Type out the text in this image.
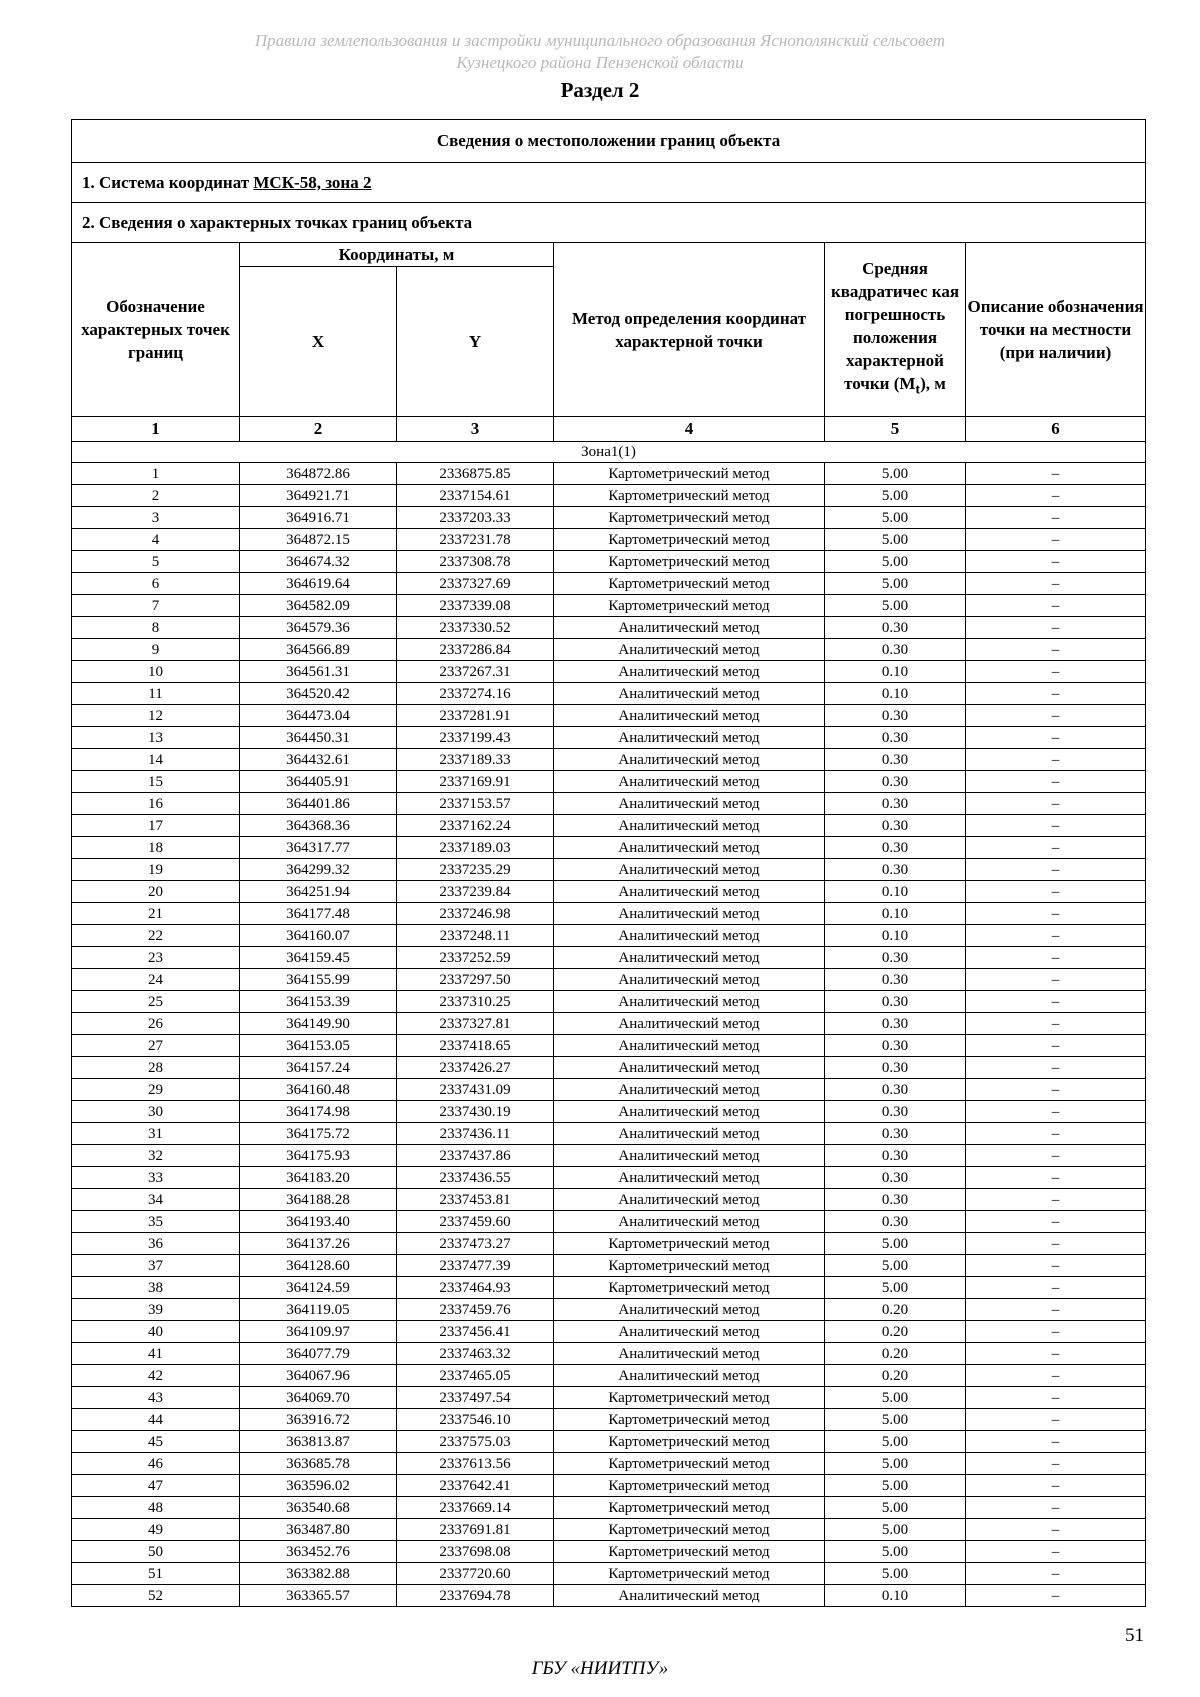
Правила землепользования и застройки муниципального образования Яснополянский сельсовет
Кузнецкого района Пензенской области
Раздел 2
Сведения о местоположении границ объекта					
1. Система координат МСК-58, зона 2					
2. Сведения о характерных точках границ объекта					
Обозначение характерных точек границ	Координаты, м		Метод определения координат характерной точки	Средняя квадратичес кая погрешность положения характерной точки $(M_t)$, м	Описание обозначения точки на местности (при наличии)
	X	Y			
1	2	3	4	5	6
Зона1(1)					
1	364872.86	2336875.85	Картометрический метод	5.00	–
2	364921.71	2337154.61	Картометрический метод	5.00	–
3	364916.71	2337203.33	Картометрический метод	5.00	–
4	364872.15	2337231.78	Картометрический метод	5.00	–
5	364674.32	2337308.78	Картометрический метод	5.00	–
6	364619.64	2337327.69	Картометрический метод	5.00	–
7	364582.09	2337339.08	Картометрический метод	5.00	–
8	364579.36	2337330.52	Аналитический метод	0.30	–
9	364566.89	2337286.84	Аналитический метод	0.30	–
10	364561.31	2337267.31	Аналитический метод	0.10	–
11	364520.42	2337274.16	Аналитический метод	0.10	–
12	364473.04	2337281.91	Аналитический метод	0.30	–
13	364450.31	2337199.43	Аналитический метод	0.30	–
14	364432.61	2337189.33	Аналитический метод	0.30	–
15	364405.91	2337169.91	Аналитический метод	0.30	–
16	364401.86	2337153.57	Аналитический метод	0.30	–
17	364368.36	2337162.24	Аналитический метод	0.30	–
18	364317.77	2337189.03	Аналитический метод	0.30	–
19	364299.32	2337235.29	Аналитический метод	0.30	–
20	364251.94	2337239.84	Аналитический метод	0.10	–
21	364177.48	2337246.98	Аналитический метод	0.10	–
22	364160.07	2337248.11	Аналитический метод	0.10	–
23	364159.45	2337252.59	Аналитический метод	0.30	–
24	364155.99	2337297.50	Аналитический метод	0.30	–
25	364153.39	2337310.25	Аналитический метод	0.30	–
26	364149.90	2337327.81	Аналитический метод	0.30	–
27	364153.05	2337418.65	Аналитический метод	0.30	–
28	364157.24	2337426.27	Аналитический метод	0.30	–
29	364160.48	2337431.09	Аналитический метод	0.30	–
30	364174.98	2337430.19	Аналитический метод	0.30	–
31	364175.72	2337436.11	Аналитический метод	0.30	–
32	364175.93	2337437.86	Аналитический метод	0.30	–
33	364183.20	2337436.55	Аналитический метод	0.30	–
34	364188.28	2337453.81	Аналитический метод	0.30	–
35	364193.40	2337459.60	Аналитический метод	0.30	–
36	364137.26	2337473.27	Картометрический метод	5.00	–
37	364128.60	2337477.39	Картометрический метод	5.00	–
38	364124.59	2337464.93	Картометрический метод	5.00	–
39	364119.05	2337459.76	Аналитический метод	0.20	–
40	364109.97	2337456.41	Аналитический метод	0.20	–
41	364077.79	2337463.32	Аналитический метод	0.20	–
42	364067.96	2337465.05	Аналитический метод	0.20	–
43	364069.70	2337497.54	Картометрический метод	5.00	–
44	363916.72	2337546.10	Картометрический метод	5.00	–
45	363813.87	2337575.03	Картометрический метод	5.00	–
46	363685.78	2337613.56	Картометрический метод	5.00	–
47	363596.02	2337642.41	Картометрический метод	5.00	–
48	363540.68	2337669.14	Картометрический метод	5.00	–
49	363487.80	2337691.81	Картометрический метод	5.00	–
50	363452.76	2337698.08	Картометрический метод	5.00	–
51	363382.88	2337720.60	Картометрический метод	5.00	–
52	363365.57	2337694.78	Аналитический метод	0.10	–
51
ГБУ «НИИТПУ»
